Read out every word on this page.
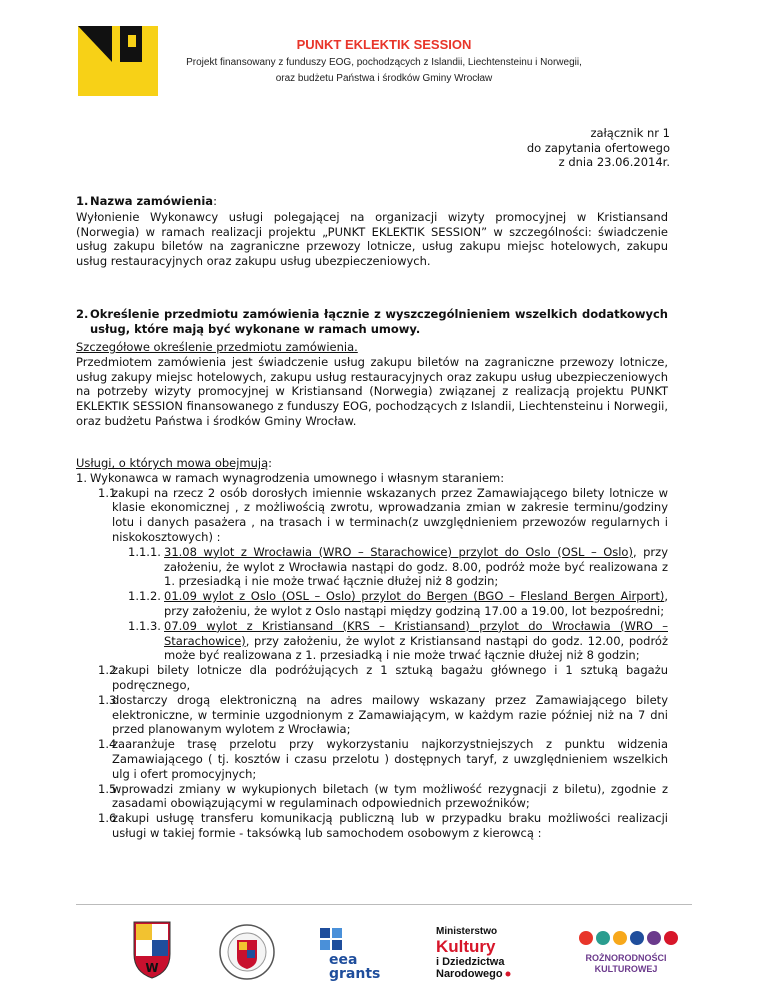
PUNKT EKLEKTIK SESSION
Projekt finansowany z funduszy EOG, pochodzących z Islandii, Liechtensteinu i Norwegii,
oraz budżetu Państwa i środków Gminy Wrocław
załącznik nr 1
do zapytania ofertowego
z dnia 23.06.2014r.
1. Nazwa zamówienia:
Wyłonienie Wykonawcy usługi polegającej na organizacji wizyty promocyjnej w Kristiansand (Norwegia) w ramach realizacji projektu „PUNKT EKLEKTIK SESSION” w szczególności: świadczenie usług zakupu biletów na zagraniczne przewozy lotnicze, usług zakupu miejsc hotelowych, zakupu usług restauracyjnych oraz zakupu usług ubezpieczeniowych.
2. Określenie przedmiotu zamówienia łącznie z wyszczególnieniem wszelkich dodatkowych usług, które mają być wykonane w ramach umowy.
Szczegółowe określenie przedmiotu zamówienia.
Przedmiotem zamówienia jest świadczenie usług zakupu biletów na zagraniczne przewozy lotnicze, usług zakupy miejsc hotelowych, zakupu usług restauracyjnych oraz zakupu usług ubezpieczeniowych na potrzeby wizyty promocyjnej w Kristiansand (Norwegia) związanej z realizacją projektu PUNKT EKLEKTIK SESSION finansowanego z funduszy EOG, pochodzących z Islandii, Liechtensteinu i Norwegii, oraz budżetu Państwa i środków Gminy Wrocław.
Usługi, o których mowa obejmują:
1. Wykonawca w ramach wynagrodzenia umownego i własnym staraniem:
1.1
zakupi na rzecz 2 osób dorosłych imiennie wskazanych przez Zamawiającego bilety lotnicze w klasie ekonomicznej , z możliwością zwrotu, wprowadzania zmian w zakresie terminu/godziny lotu i danych pasażera , na trasach i w terminach(z uwzględnieniem przewozów regularnych i niskokosztowych) :
1.1.1. 31.08 wylot z Wrocławia (WRO – Starachowice) przylot do Oslo (OSL – Oslo), przy założeniu, że wylot z Wrocławia nastąpi do godz. 8.00, podróż może być realizowana z 1. przesiadką i nie może trwać łącznie dłużej niż 8 godzin;
1.1.2. 01.09 wylot z Oslo (OSL – Oslo) przylot do Bergen (BGO – Flesland Bergen Airport), przy założeniu, że wylot z Oslo nastąpi między godziną 17.00 a 19.00, lot bezpośredni;
1.1.3. 07.09 wylot z Kristiansand (KRS – Kristiansand) przylot do Wrocławia (WRO – Starachowice), przy założeniu, że wylot z Kristiansand nastąpi do godz. 12.00, podróż może być realizowana z 1. przesiadką i nie może trwać łącznie dłużej niż 8 godzin;
1.2
zakupi bilety lotnicze dla podróżujących z 1 sztuką bagażu głównego i 1 sztuką bagażu podręcznego,
1.3
dostarczy drogą elektroniczną na adres mailowy wskazany przez Zamawiającego bilety elektroniczne, w terminie uzgodnionym z Zamawiającym, w każdym razie później niż na 7 dni przed planowanym wylotem z Wrocławia;
1.4
zaaranżuje trasę przelotu przy wykorzystaniu najkorzystniejszych z punktu widzenia Zamawiającego ( tj. kosztów i czasu przelotu ) dostępnych taryf, z uwzględnieniem wszelkich ulg i ofert promocyjnych;
1.5
wprowadzi zmiany w wykupionych biletach (w tym możliwość rezygnacji z biletu), zgodnie z zasadami obowiązującymi w regulaminach odpowiednich przewoźników;
1.6
zakupi usługę transferu komunikacją publiczną lub w przypadku braku możliwości realizacji usługi w takiej formie - taksówką lub samochodem osobowym z kierowcą :
W	eea
grants
Ministerstwo
Kultury
i Dziedzictwa
Narodowego
ROŻNORODNOŚCI
KULTUROWEJ
